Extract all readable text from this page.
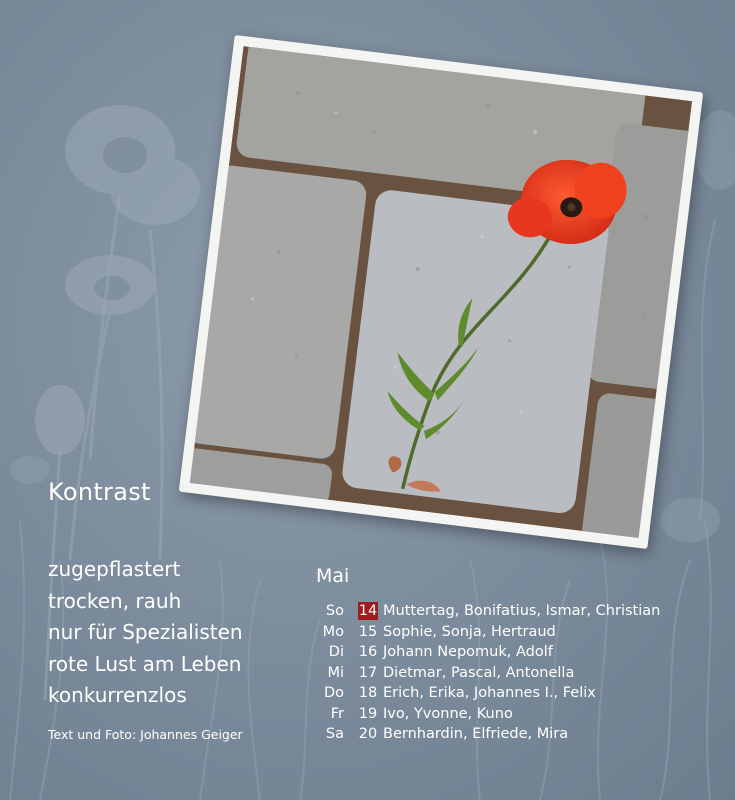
Kontrast
zugepflastert
trocken, rauh
nur für Spezialisten
rote Lust am Leben
konkurrenzlos
Text und Foto: Johannes Geiger
Mai
So 14 Muttertag, Bonifatius, Ismar, Christian
Mo 15 Sophie, Sonja, Hertraud
Di 16 Johann Nepomuk, Adolf
Mi 17 Dietmar, Pascal, Antonella
Do 18 Erich, Erika, Johannes I., Felix
Fr 19 Ivo, Yvonne, Kuno
Sa 20 Bernhardin, Elfriede, Mira
